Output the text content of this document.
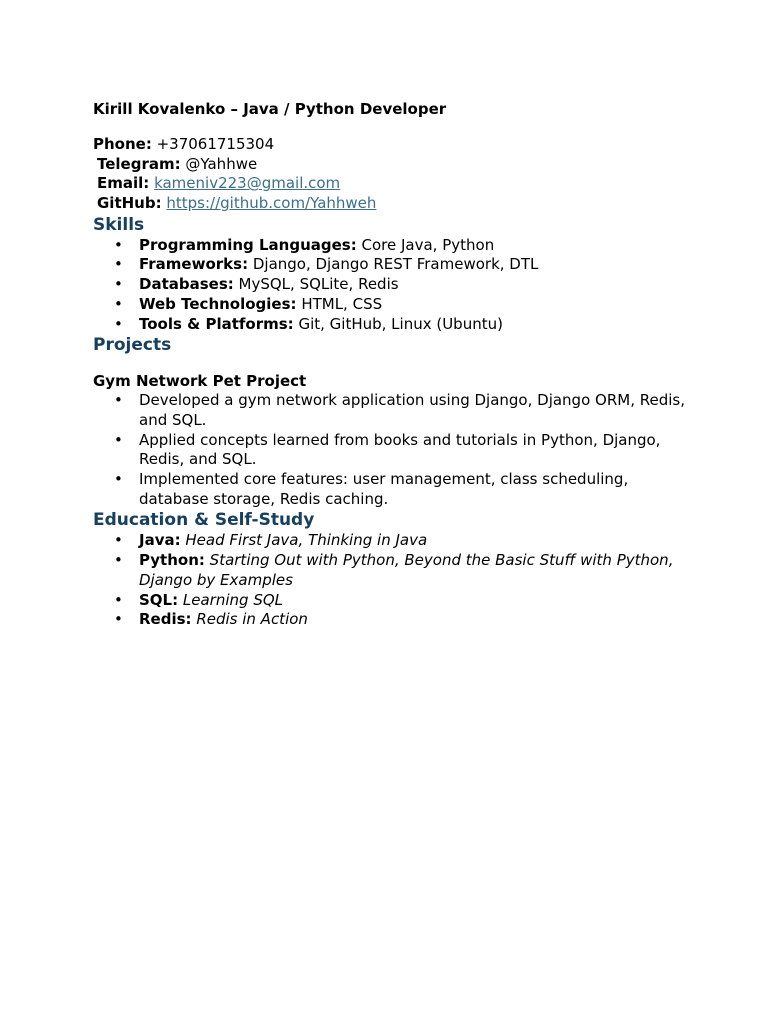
Kirill Kovalenko – Java / Python Developer
Phone: +37061715304
Telegram: @Yahhwe
Email: kameniv223@gmail.com
GitHub: https://github.com/Yahhweh
Skills
• Programming Languages: Core Java, Python
• Frameworks: Django, Django REST Framework, DTL
• Databases: MySQL, SQLite, Redis
• Web Technologies: HTML, CSS
• Tools & Platforms: Git, GitHub, Linux (Ubuntu)
Projects
Gym Network Pet Project
• Developed a gym network application using Django, Django ORM, Redis, and SQL.
• Applied concepts learned from books and tutorials in Python, Django, Redis, and SQL.
• Implemented core features: user management, class scheduling, database storage, Redis caching.
Education & Self-Study
• Java: Head First Java, Thinking in Java
• Python: Starting Out with Python, Beyond the Basic Stuff with Python, Django by Examples
• SQL: Learning SQL
• Redis: Redis in Action
